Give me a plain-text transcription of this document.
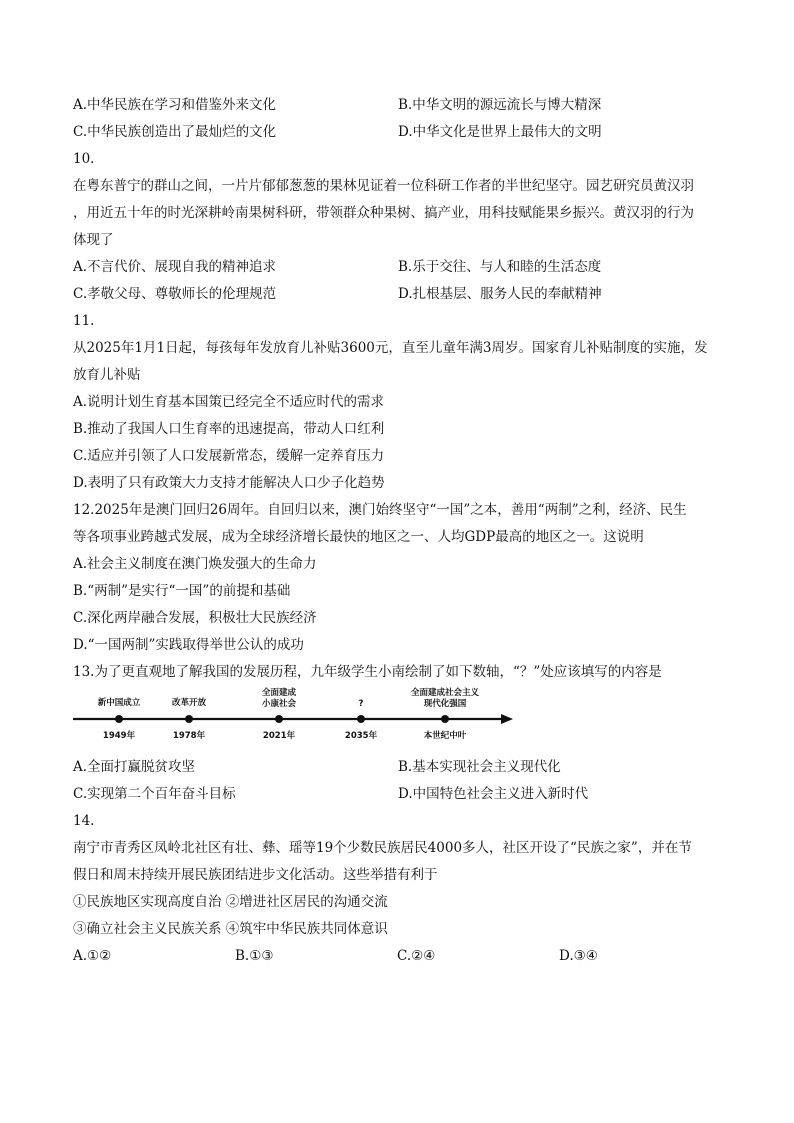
A.中华民族在学习和借鉴外来文化	B.中华文明的源远流长与博大精深
C.中华民族创造出了最灿烂的文化	D.中华文化是世界上最伟大的文明
10.
在粤东普宁的群山之间，一片片郁郁葱葱的果林见证着一位科研工作者的半世纪坚守。园艺研究员黄汉羽
，用近五十年的时光深耕岭南果树科研，带领群众种果树、搞产业，用科技赋能果乡振兴。黄汉羽的行为
体现了
A.不言代价、展现自我的精神追求	B.乐于交往、与人和睦的生活态度
C.孝敬父母、尊敬师长的伦理规范	D.扎根基层、服务人民的奉献精神
11.
从2025年1月1日起，每孩每年发放育儿补贴3600元，直至儿童年满3周岁。国家育儿补贴制度的实施，发
放育儿补贴
A.说明计划生育基本国策已经完全不适应时代的需求
B.推动了我国人口生育率的迅速提高，带动人口红利
C.适应并引领了人口发展新常态，缓解一定养育压力
D.表明了只有政策大力支持才能解决人口少子化趋势
12.2025年是澳门回归26周年。自回归以来，澳门始终坚守“一国”之本，善用“两制”之利，经济、民生
等各项事业跨越式发展，成为全球经济增长最快的地区之一、人均GDP最高的地区之一。这说明
A.社会主义制度在澳门焕发强大的生命力
B.“两制”是实行“一国”的前提和基础
C.深化两岸融合发展，积极壮大民族经济
D.“一国两制”实践取得举世公认的成功
13.为了更直观地了解我国的发展历程，九年级学生小南绘制了如下数轴，“？”处应该填写的内容是
新中国成立	改革开放
全面建成
小康社会	?
全面建成社会主义
现代化强国
1949年	1978年	2021年	2035年	本世纪中叶
A.全面打赢脱贫攻坚	B.基本实现社会主义现代化
C.实现第二个百年奋斗目标	D.中国特色社会主义进入新时代
14.
南宁市青秀区凤岭北社区有壮、彝、瑶等19个少数民族居民4000多人，社区开设了“民族之家”，并在节
假日和周末持续开展民族团结进步文化活动。这些举措有利于
①民族地区实现高度自治 ②增进社区居民的沟通交流
③确立社会主义民族关系 ④筑牢中华民族共同体意识
A.①②	B.①③	C.②④	D.③④
